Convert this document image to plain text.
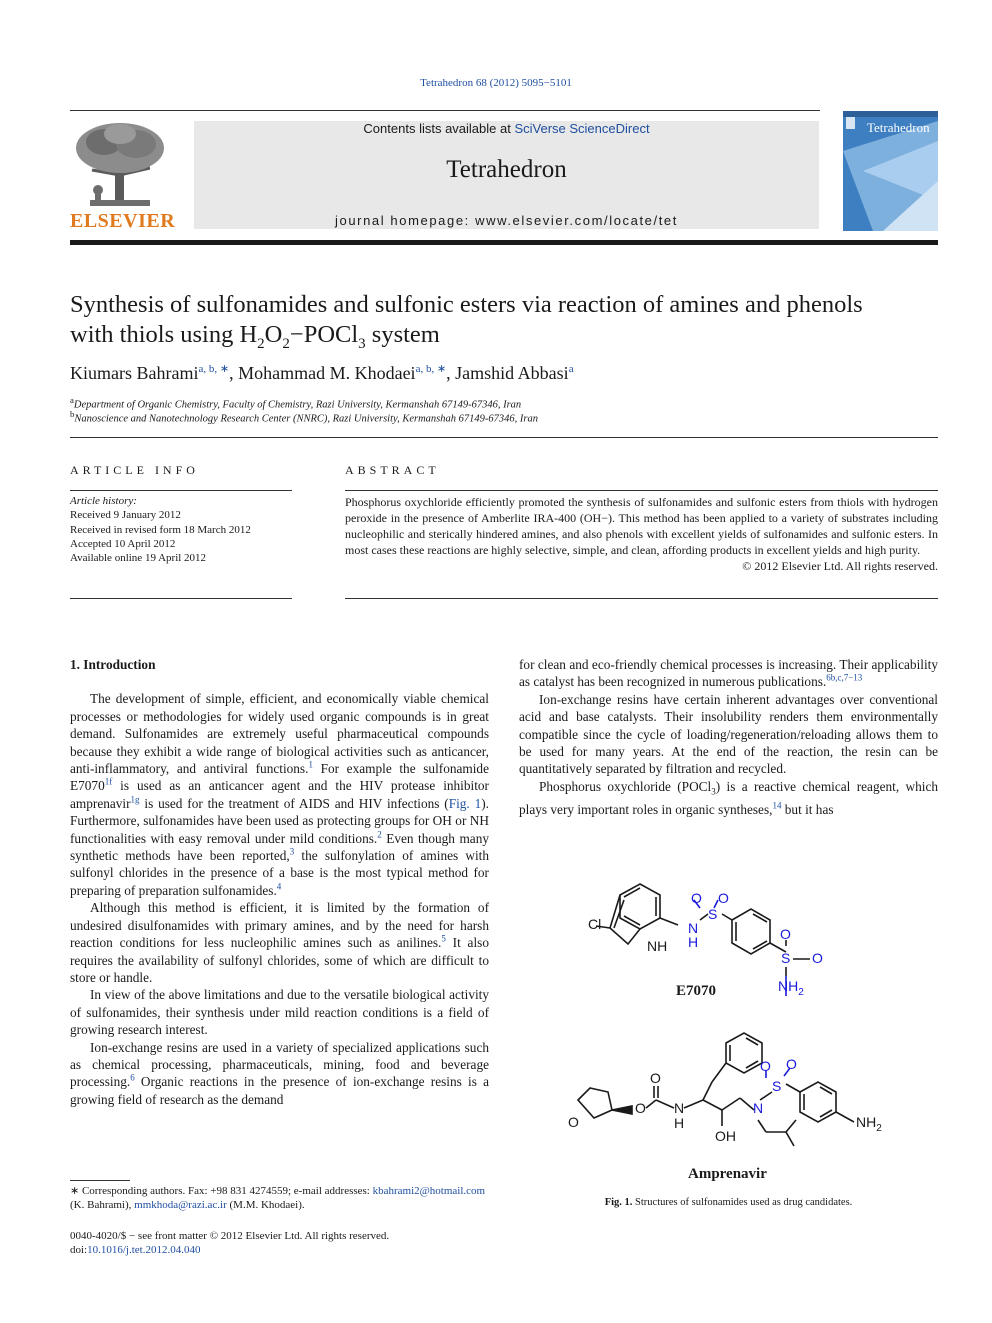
Tetrahedron 68 (2012) 5095−5101
ELSEVIER
Contents lists available at SciVerse ScienceDirect
Tetrahedron
journal homepage: www.elsevier.com/locate/tet
Tetrahedron
Synthesis of sulfonamides and sulfonic esters via reaction of amines and phenols
with thiols using $H_2O_2-POCl_3$ system
Kiumars Bahrami$^{a, b, ∗}$, Mohammad M. Khodaei$^{a, b, ∗}$, Jamshid Abbasi$^a$
$^a$Department of Organic Chemistry, Faculty of Chemistry, Razi University, Kermanshah 67149-67346, Iran
$^b$Nanoscience and Nanotechnology Research Center (NNRC), Razi University, Kermanshah 67149-67346, Iran
ARTICLE INFO
Article history:
Received 9 January 2012
Received in revised form 18 March 2012
Accepted 10 April 2012
Available online 19 April 2012
ABSTRACT
Phosphorus oxychloride efficiently promoted the synthesis of sulfonamides and sulfonic esters from thiols with hydrogen peroxide in the presence of Amberlite IRA-400 (OH−). This method has been applied to a variety of substrates including nucleophilic and sterically hindered amines, and also phenols with excellent yields of sulfonamides and sulfonic esters. In most cases these reactions are highly selective, simple, and clean, affording products in excellent yields and high purity.
© 2012 Elsevier Ltd. All rights reserved.
1. Introduction

The development of simple, efficient, and economically viable chemical processes or methodologies for widely used organic compounds is in great demand. Sulfonamides are extremely useful pharmaceutical compounds because they exhibit a wide range of biological activities such as anticancer, anti-inflammatory, and antiviral functions.$^1$ For example the sulfonamide $E7070^{1f}$ is used as an anticancer agent and the HIV protease inhibitor amprenavir$^{1g}$ is used for the treatment of AIDS and HIV infections (Fig. 1). Furthermore, sulfonamides have been used as protecting groups for OH or NH functionalities with easy removal under mild conditions.$^2$ Even though many synthetic methods have been reported,$^3$ the sulfonylation of amines with sulfonyl chlorides in the presence of a base is the most typical method for preparing of preparation sulfonamides.$^4$

Although this method is efficient, it is limited by the formation of undesired disulfonamides with primary amines, and by the need for harsh reaction conditions for less nucleophilic amines such as anilines.$^5$ It also requires the availability of sulfonyl chlorides, some of which are difficult to store or handle.

In view of the above limitations and due to the versatile biological activity of sulfonamides, their synthesis under mild reaction conditions is a field of growing research interest.

Ion-exchange resins are used in a variety of specialized applications such as chemical processing, pharmaceuticals, mining, food and beverage processing.$^6$ Organic reactions in the presence of ion-exchange resins is a growing field of research as the demand

∗ Corresponding authors. Fax: +98 831 4274559; e-mail addresses: kbahrami2@hotmail.com (K. Bahrami), mmkhoda@razi.ac.ir (M.M. Khodaei).
0040-4020/$ − see front matter © 2012 Elsevier Ltd. All rights reserved.
doi:10.1016/j.tet.2012.04.040

for clean and eco-friendly chemical processes is increasing. Their applicability as catalyst has been recognized in numerous publications.$^{6b,c,7-13}$

Ion-exchange resins have certain inherent advantages over conventional acid and base catalysts. Their insolubility renders them environmentally compatible since the cycle of loading/regeneration/reloading allows them to be used for many years. At the end of the reaction, the resin can be quantitatively separated by filtration and recycled.

Phosphorus oxychloride (POCl$_3$) is a reactive chemical reagent, which plays very important roles in organic syntheses,$^{14}$ but it has

Cl
NH
N
H
S
O O
O
S O
$NH_2$
E7070
O
O
O
N
H
OH
N
S
O O
$NH_2$
Amprenavir
Fig. 1. Structures of sulfonamides used as drug candidates.
